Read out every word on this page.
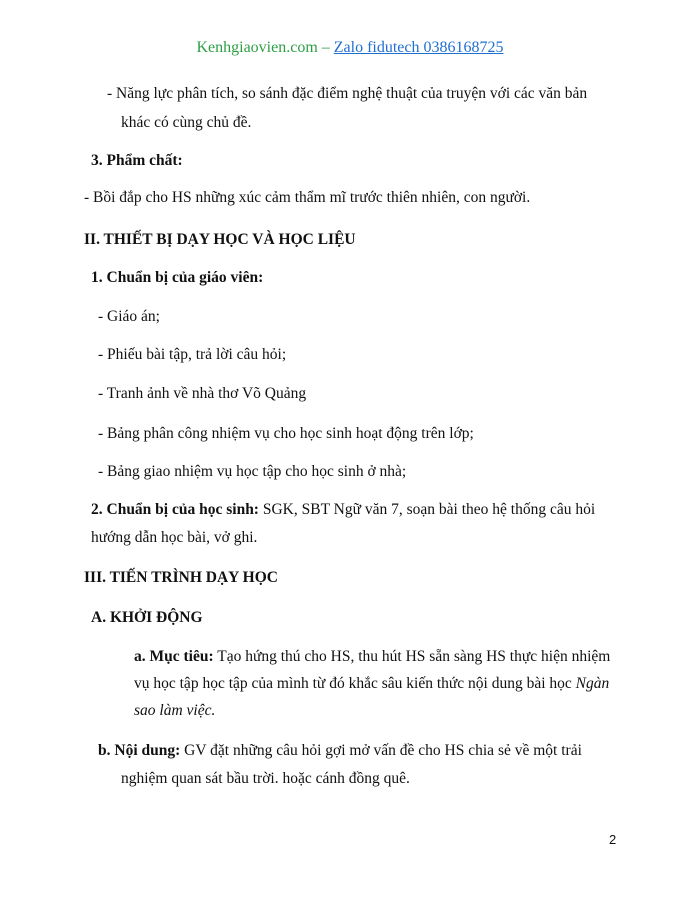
Kenhgiaovien.com – Zalo fidutech 0386168725
- Năng lực phân tích, so sánh đặc điểm nghệ thuật của truyện với các văn bản
khác có cùng chủ đề.
3. Phẩm chất:
- Bồi đắp cho HS những xúc cảm thẩm mĩ trước thiên nhiên, con người.
II. THIẾT BỊ DẠY HỌC VÀ HỌC LIỆU
1. Chuẩn bị của giáo viên:
- Giáo án;
- Phiếu bài tập, trả lời câu hỏi;
- Tranh ảnh về nhà thơ Võ Quảng
- Bảng phân công nhiệm vụ cho học sinh hoạt động trên lớp;
- Bảng giao nhiệm vụ học tập cho học sinh ở nhà;
2. Chuẩn bị của học sinh: SGK, SBT Ngữ văn 7, soạn bài theo hệ thống câu hỏi
hướng dẫn học bài, vở ghi.
III. TIẾN TRÌNH DẠY HỌC
A. KHỞI ĐỘNG
a. Mục tiêu: Tạo hứng thú cho HS, thu hút HS sẵn sàng HS thực hiện nhiệm
vụ học tập học tập của mình từ đó khắc sâu kiến thức nội dung bài học Ngàn
sao làm việc.
b. Nội dung: GV đặt những câu hỏi gợi mở vấn đề cho HS chia sẻ về một trải
nghiệm quan sát bầu trời. hoặc cánh đồng quê.
2
